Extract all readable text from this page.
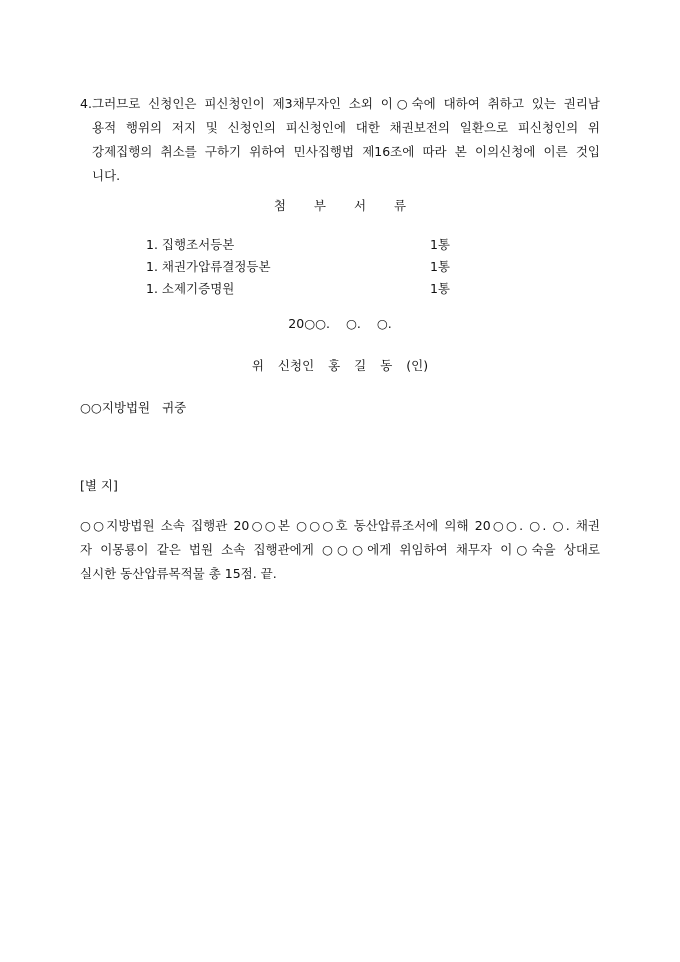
4. 그러므로 신청인은 피신청인이 제3채무자인 소외 이○숙에 대하여 취하고 있는 권리남
용적 행위의 저지 및 신청인의 피신청인에 대한 채권보전의 일환으로 피신청인의 위
강제집행의 취소를 구하기 위하여 민사집행법 제16조에 따라 본 이의신청에 이른 것입
니다.
첨 부 서 류
1. 집행조서등본	1통
1. 채권가압류결정등본	1통
1. 소제기증명원	1통
20○○. ○. ○.
위 신청인 홍 길 동 (인)
○○지방법원 귀중
[별 지]
○○지방법원 소속 집행관 20○○본 ○○○호 동산압류조서에 의해 20○○. ○. ○. 채권
자 이몽룡이 같은 법원 소속 집행관에게 ○○○에게 위임하여 채무자 이○숙을 상대로
실시한 동산압류목적물 총 15점. 끝.
